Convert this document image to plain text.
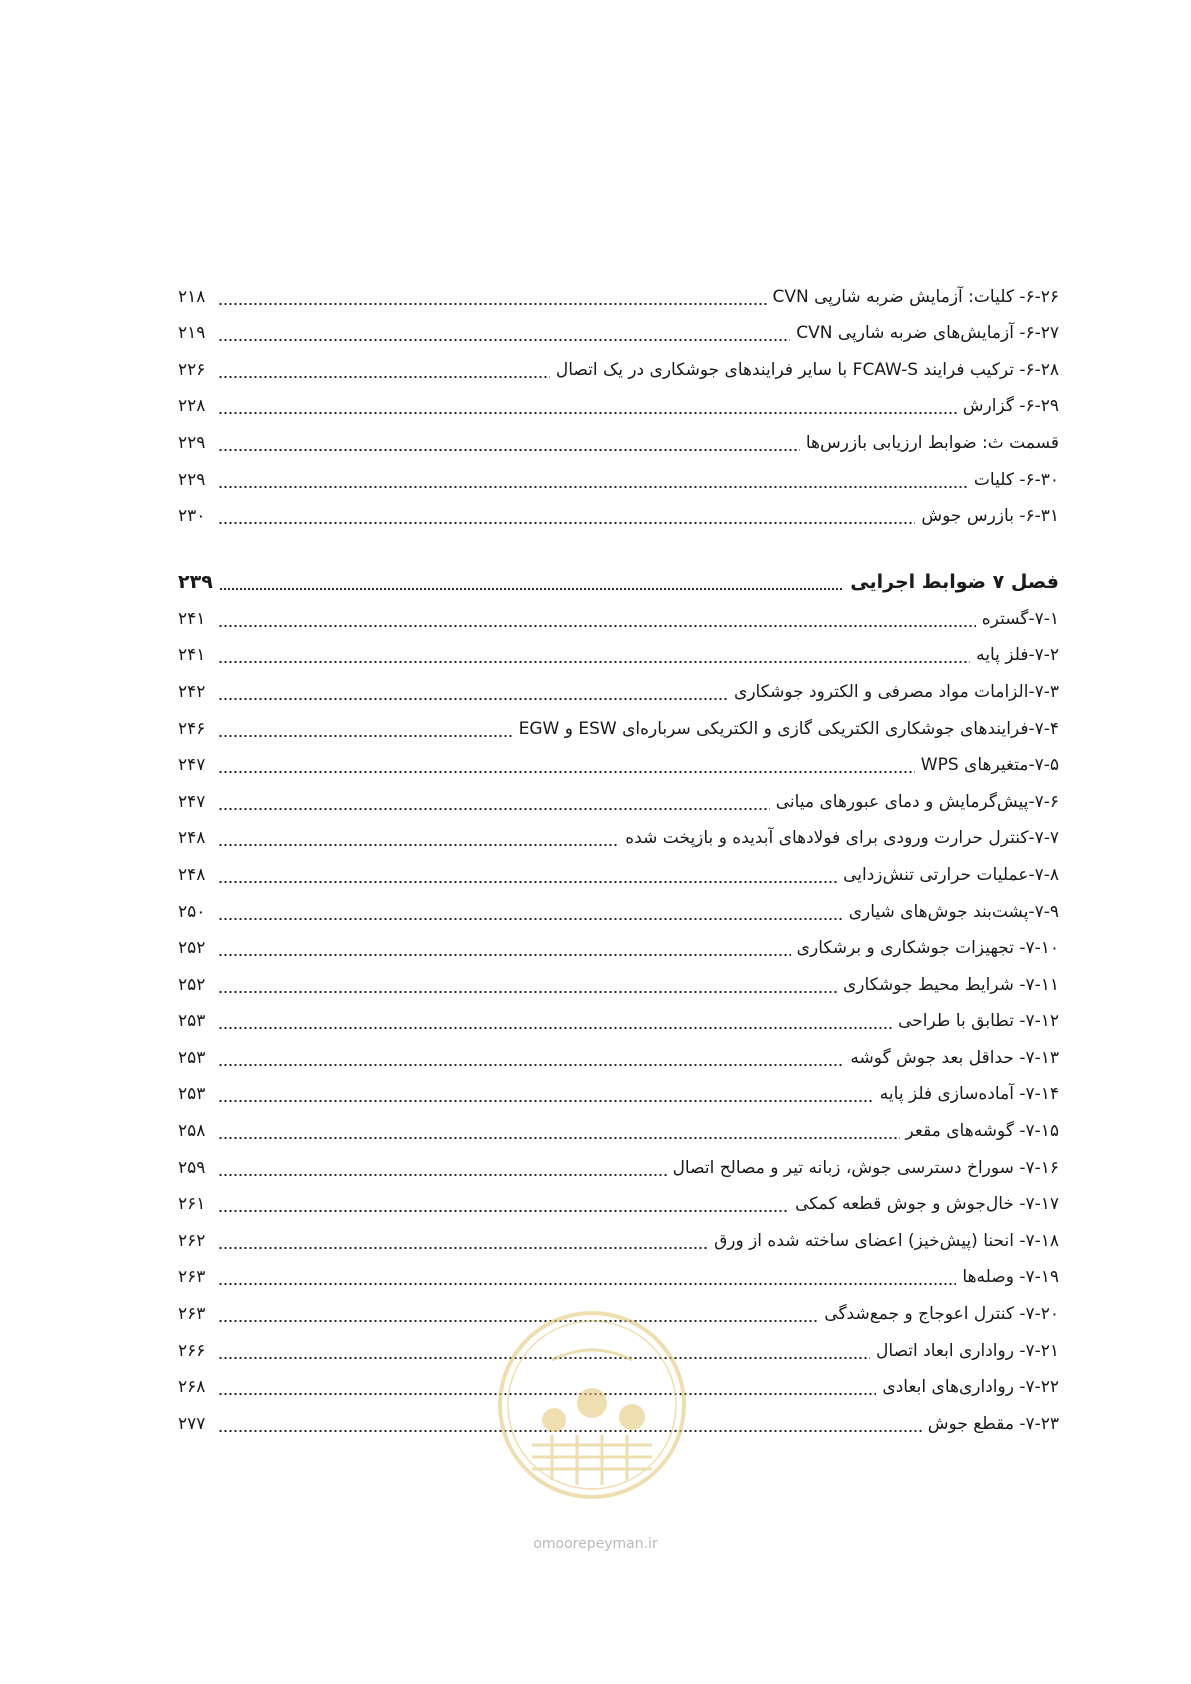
۶-۲۶- کلیات: آزمایش ضربه شارپی CVN
۲۱۸
۶-۲۷- آزمایش‌های ضربه شارپی CVN
۲۱۹
۶-۲۸- ترکیب فرایند FCAW-S با سایر فرایندهای جوشکاری در یک اتصال
۲۲۶
۶-۲۹- گزارش
۲۲۸
قسمت ث: ضوابط ارزیابی بازرس‌ها
۲۲۹
۶-۳۰- کلیات
۲۲۹
۶-۳۱- بازرس جوش
۲۳۰
فصل ۷ ضوابط اجرایی
۲۳۹
۷-۱-گستره
۲۴۱
۷-۲-فلز پایه
۲۴۱
۷-۳-الزامات مواد مصرفی و الکترود جوشکاری
۲۴۲
۷-۴-فرایندهای جوشکاری الکتریکی گازی و الکتریکی سرباره‌ای ESW و EGW
۲۴۶
۷-۵-متغیرهای WPS
۲۴۷
۷-۶-پیش‌گرمایش و دمای عبورهای میانی
۲۴۷
۷-۷-کنترل حرارت ورودی برای فولادهای آبدیده و بازپخت شده
۲۴۸
۷-۸-عملیات حرارتی تنش‌زدایی
۲۴۸
۷-۹-پشت‌بند جوش‌های شیاری
۲۵۰
۷-۱۰- تجهیزات جوشکاری و برشکاری
۲۵۲
۷-۱۱- شرایط محیط جوشکاری
۲۵۲
۷-۱۲- تطابق با طراحی
۲۵۳
۷-۱۳- حداقل بعد جوش گوشه
۲۵۳
۷-۱۴- آماده‌سازی فلز پایه
۲۵۳
۷-۱۵- گوشه‌های مقعر
۲۵۸
۷-۱۶- سوراخ دسترسی جوش، زبانه تیر و مصالح اتصال
۲۵۹
۷-۱۷- خال‌جوش و جوش قطعه کمکی
۲۶۱
۷-۱۸- انحنا (پیش‌خیز) اعضای ساخته شده از ورق
۲۶۲
۷-۱۹- وصله‌ها
۲۶۳
۷-۲۰- کنترل اعوجاج و جمع‌شدگی
۲۶۳
۷-۲۱- رواداری ابعاد اتصال
۲۶۶
۷-۲۲- رواداری‌های ابعادی
۲۶۸
۷-۲۳- مقطع جوش
۲۷۷
omoorepeyman.ir
